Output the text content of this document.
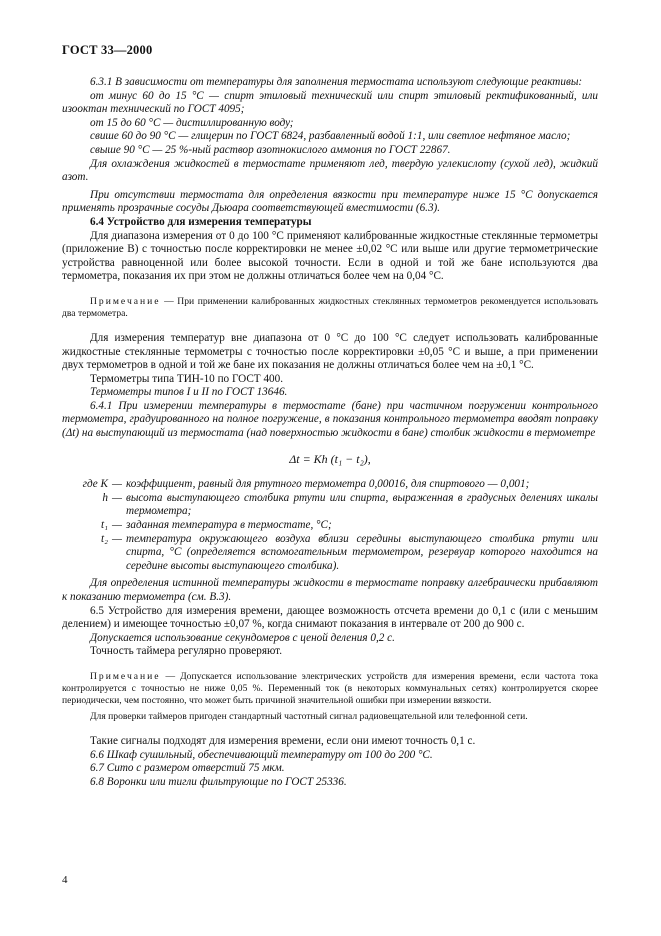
ГОСТ 33—2000

6.3.1 В зависимости от температуры для заполнения термостата используют следующие реактивы:

от минус 60 до 15 °С — спирт этиловый технический или спирт этиловый ректификованный, или изооктан технический по ГОСТ 4095;

от 15 до 60 °С — дистиллированную воду;

свише 60 до 90 °С — глицерин по ГОСТ 6824, разбавленный водой 1:1, или светлое нефтяное масло;

свыше 90 °С — 25 %-ный раствор азотнокислого аммония по ГОСТ 22867.

Для охлаждения жидкостей в термостате применяют лед, твердую углекислоту (сухой лед), жидкий азот.

При отсутствии термостата для определения вязкости при температуре ниже 15 °С допускается применять прозрачные сосуды Дьюара соответствующей вместимости (6.3).

6.4 Устройство для измерения температуры

Для диапазона измерения от 0 до 100 °С применяют калиброванные жидкостные стеклянные термометры (приложение В) с точностью после корректировки не менее ±0,02 °С или выше или другие термометрические устройства равноценной или более высокой точности. Если в одной и той же бане используются два термометра, показания их при этом не должны отличаться более чем на 0,04 °С.

Примечание — При применении калиброванных жидкостных стеклянных термометров рекомендуется использовать два термометра.

Для измерения температур вне диапазона от 0 °С до 100 °С следует использовать калиброванные жидкостные стеклянные термометры с точностью после корректировки ±0,05 °С и выше, а при применении двух термометров в одной и той же бане их показания не должны отличаться более чем на ±0,1 °С.

Термометры типа ТИН-10 по ГОСТ 400.

Термометры типов I и II по ГОСТ 13646.

6.4.1 При измерении температуры в термостате (бане) при частичном погружении контрольного термометра, градуированного на полное погружение, в показания контрольного термометра вводят поправку (Δt) на выступающий из термостата (над поверхностью жидкости в бане) столбик жидкости в термометре

Δt = Kh (t₁ − t₂),
где K — коэффициент, равный для ртутного термометра 0,00016, для спиртового — 0,001;
h — высота выступающего столбика ртути или спирта, выраженная в градусных делениях шкалы термометра;
t₁ — заданная температура в термостате, °С;
t₂ — температура окружающего воздуха вблизи середины выступающего столбика ртути или спирта, °С (определяется вспомогательным термометром, резервуар которого находится на середине высоты выступающего столбика).

Для определения истинной температуры жидкости в термостате поправку алгебраически прибавляют к показанию термометра (см. В.3).

6.5 Устройство для измерения времени, дающее возможность отсчета времени до 0,1 с (или с меньшим делением) и имеющее точностью ±0,07 %, когда снимают показания в интервале от 200 до 900 с.

Допускается использование секундомеров с ценой деления 0,2 с.

Точность таймера регулярно проверяют.

Примечание — Допускается использование электрических устройств для измерения времени, если частота тока контролируется с точностью не ниже 0,05 %. Переменный ток (в некоторых коммунальных сетях) контролируется скорее периодически, чем постоянно, что может быть причиной значительной ошибки при измерении вязкости.

Для проверки таймеров пригоден стандартный частотный сигнал радиовещательной или телефонной сети.

Такие сигналы подходят для измерения времени, если они имеют точность 0,1 с.

6.6 Шкаф сушильный, обеспечивающий температуру от 100 до 200 °С.

6.7 Сито с размером отверстий 75 мкм.

6.8 Воронки или тигли фильтрующие по ГОСТ 25336.

4
